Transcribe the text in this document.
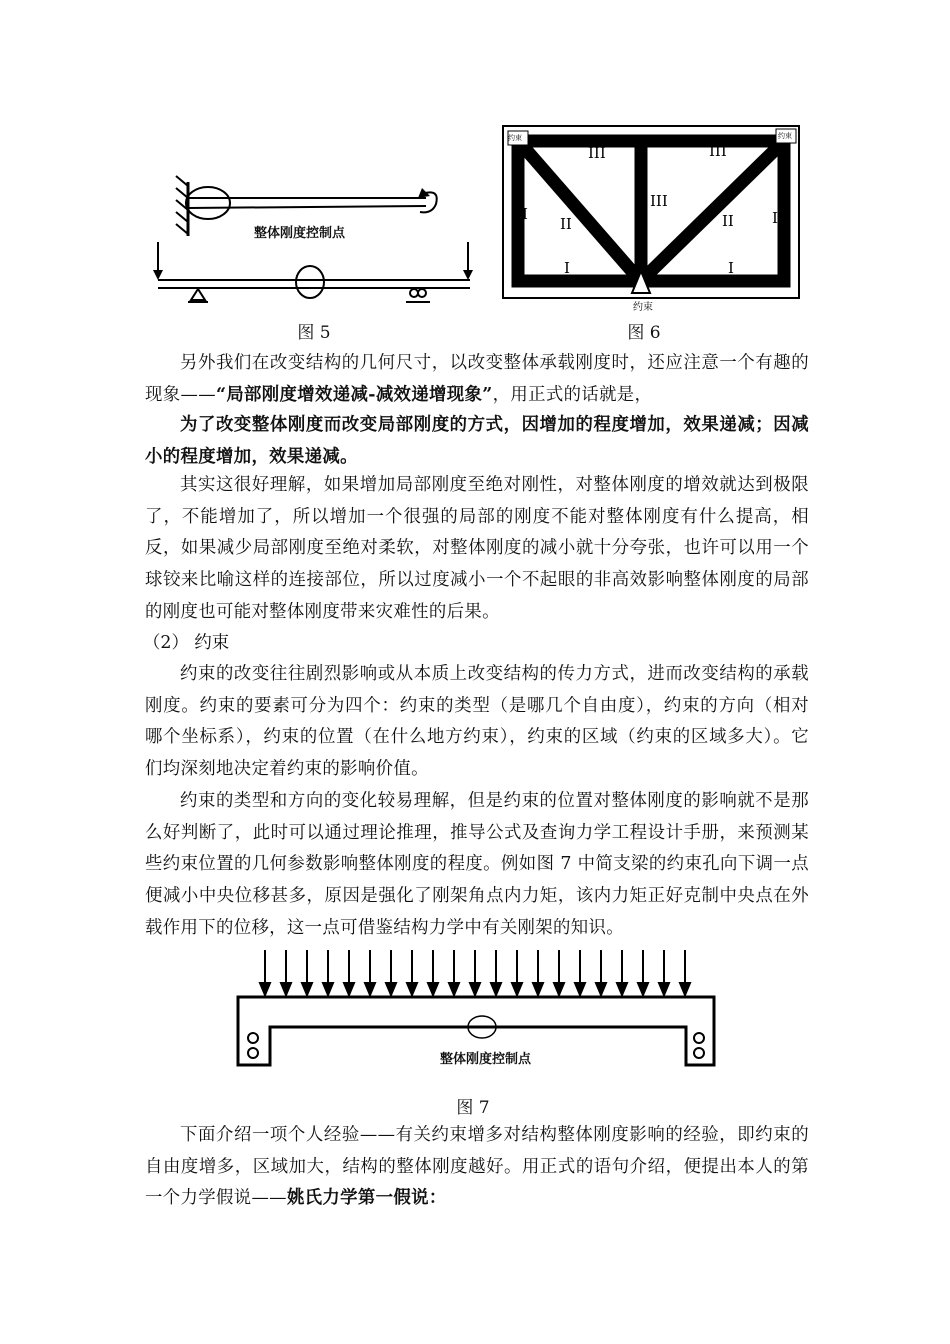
整体刚度控制点
图 5
III	III
III
I
II	II	I
I	I
约束	约束
约束
图 6

另外我们在改变结构的几何尺寸，以改变整体承载刚度时，还应注意一个有趣的现象——“局部刚度增效递减-减效递增现象”，用正式的话就是，

为了改变整体刚度而改变局部刚度的方式，因增加的程度增加，效果递减；因减小的程度增加，效果递减。

其实这很好理解，如果增加局部刚度至绝对刚性，对整体刚度的增效就达到极限了，不能增加了，所以增加一个很强的局部的刚度不能对整体刚度有什么提高，相反，如果减少局部刚度至绝对柔软，对整体刚度的减小就十分夸张，也许可以用一个球铰来比喻这样的连接部位，所以过度减小一个不起眼的非高效影响整体刚度的局部的刚度也可能对整体刚度带来灾难性的后果。

（2） 约束

约束的改变往往剧烈影响或从本质上改变结构的传力方式，进而改变结构的承载刚度。约束的要素可分为四个：约束的类型（是哪几个自由度），约束的方向（相对哪个坐标系），约束的位置（在什么地方约束），约束的区域（约束的区域多大）。它们均深刻地决定着约束的影响价值。

约束的类型和方向的变化较易理解，但是约束的位置对整体刚度的影响就不是那么好判断了，此时可以通过理论推理，推导公式及查询力学工程设计手册，来预测某些约束位置的几何参数影响整体刚度的程度。例如图 7 中简支梁的约束孔向下调一点便减小中央位移甚多，原因是强化了刚架角点内力矩，该内力矩正好克制中央点在外载作用下的位移，这一点可借鉴结构力学中有关刚架的知识。

整体刚度控制点
图 7

下面介绍一项个人经验——有关约束增多对结构整体刚度影响的经验，即约束的自由度增多，区域加大，结构的整体刚度越好。用正式的语句介绍，便提出本人的第一个力学假说——姚氏力学第一假说：
